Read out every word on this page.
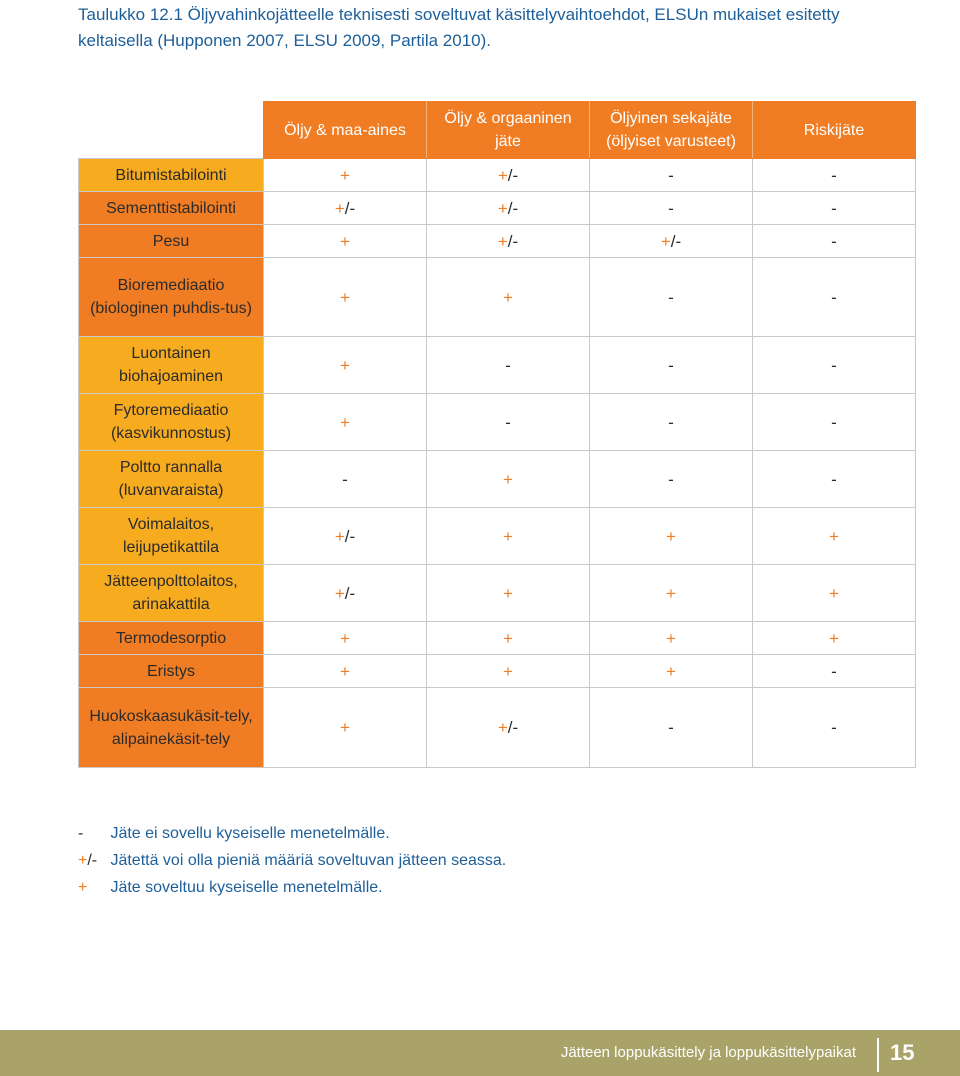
Taulukko 12.1 Öljyvahinkojätteelle teknisesti soveltuvat käsittelyvaihtoehdot, ELSUn mukaiset esitetty keltaisella (Hupponen 2007, ELSU 2009, Partila 2010).
	Öljy & maa-aines	Öljy & orgaaninen jäte	Öljyinen sekajäte (öljyiset varusteet)	Riskijäte
Bitumistabilointi	+	+/-	-	-
Sementtistabilointi	+/-	+/-	-	-
Pesu	+	+/-	+/-	-
Bioremediaatio (biologinen puhdis-tus)	+	+	-	-
Luontainen biohajoaminen	+	-	-	-
Fytoremediaatio (kasvikunnostus)	+	-	-	-
Poltto rannalla (luvanvaraista)	-	+	-	-
Voimalaitos, leijupetikattila	+/-	+	+	+
Jätteenpolttolaitos, arinakattila	+/-	+	+	+
Termodesorptio	+	+	+	+
Eristys	+	+	+	-
Huokoskaasukäsit-tely, alipainekäsit-tely	+	+/-	-	-
- Jäte ei sovellu kyseiselle menetelmälle.
+/- Jätettä voi olla pieniä määriä soveltuvan jätteen seassa.
+ Jäte soveltuu kyseiselle menetelmälle.
Jätteen loppukäsittely ja loppukäsittelypaikat 15
